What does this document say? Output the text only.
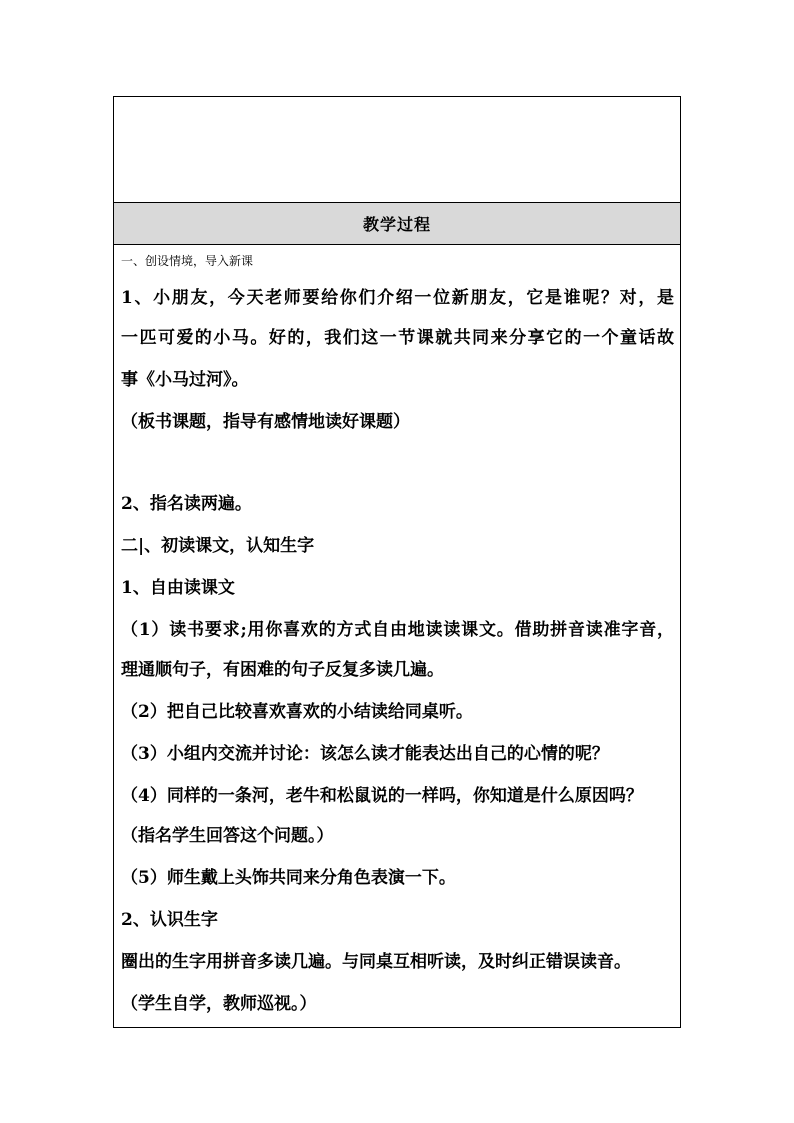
教学过程
一、创设情境，导入新课
1、小朋友，今天老师要给你们介绍一位新朋友，它是谁呢？对，是
一匹可爱的小马。好的，我们这一节课就共同来分享它的一个童话故
事《小马过河》。
（板书课题，指导有感情地读好课题）
2、指名读两遍。
二|、初读课文，认知生字
1、自由读课文
（1）读书要求;用你喜欢的方式自由地读读课文。借助拼音读准字音，
理通顺句子，有困难的句子反复多读几遍。
（2）把自己比较喜欢喜欢的小结读给同桌听。
（3）小组内交流并讨论：该怎么读才能表达出自己的心情的呢？
（4）同样的一条河，老牛和松鼠说的一样吗，你知道是什么原因吗？
（指名学生回答这个问题。）
（5）师生戴上头饰共同来分角色表演一下。
2、认识生字
圈出的生字用拼音多读几遍。与同桌互相听读，及时纠正错误读音。
（学生自学，教师巡视。）
